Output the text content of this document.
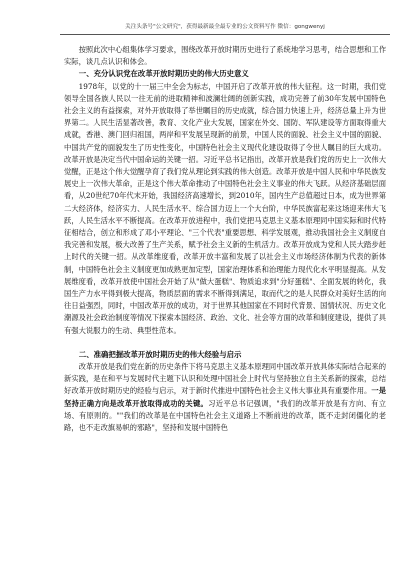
关注头条号"公文研究"，获得最新最全最专业的公文资料写作 微信：gongwenyj

按照此次中心组集体学习要求，围绕改革开放时期历史进行了系统地学习思考，结合思想和工作实际，谈几点认识和体会。

一、充分认识党在改革开放时期历史的伟大历史意义

1978年，以党的十一届三中全会为标志，中国开启了改革开放的伟大征程。这一时期，我们党领导全国各族人民以一往无前的进取精神和波澜壮阔的创新实践，成功完善了前30年发展中国特色社会主义的有益探索，对外开放取得了举世瞩目的历史成就，综合国力快速上升，经济总量上升为世界第二。人民生活显著改善，教育、文化产业大发展，国家在外交、国防、军队建设等方面取得重大成就，香港、澳门回归祖国，两岸和平发展呈现新的前景，中国人民的面貌、社会主义中国的面貌、中国共产党的面貌发生了历史性变化，中国特色社会主义现代化建设取得了令世人瞩目的巨大成功。改革开放是决定当代中国命运的关键一招。习近平总书记指出，改革开放是我们党的历史上一次伟大觉醒，正是这个伟大觉醒孕育了我们党从理论到实践的伟大创造。改革开放是中国人民和中华民族发展史上一次伟大革命，正是这个伟大革命推动了中国特色社会主义事业的伟大飞跃。从经济基础层面看，从20世纪70年代末开始，我国经济高速增长，到2010年，国内生产总值超过日本，成为世界第二大经济体，经济实力、人民生活水平、综合国力迈上一个大台阶，中华民族富起来这场迎来伟大飞跃，人民生活水平不断提高。在改革开放进程中，我们党把马克思主义基本原理同中国实际和时代特征相结合，创立和形成了邓小平理论、"三个代表"重要思想、科学发展观，推动我国社会主义制度自我完善和发展，极大改善了生产关系，赋予社会主义新的生机活力。改革开放成为党和人民大踏步赶上时代的关键一招。从改革维度看，改革开放丰富和发展了以社会主义市场经济体制为代表的新体制，中国特色社会主义制度更加成熟更加定型，国家治理体系和治理能力现代化水平明显提高。从发展维度看，改革开放使中国社会开始了从"做大蛋糕"、物质追求到"分好蛋糕"、全面发展的转化，我国生产力水平得到极大提高，物质层面的需求不断得到满足，取而代之的是人民群众对美好生活的向往日益强烈，同时，中国改革开放的成功，对于世界其他国家在不同时代背景、国情状况、历史文化潮源及社会政治制度等情况下探索本国经济、政治、文化、社会等方面的改革和制度建设，提供了具有强大说服力的生动、典型性范本。

二、准确把握改革开放时期历史的伟大经验与启示

改革开放是我们党在新的历史条件下将马克思主义基本原理同中国改革开放具体实际结合起来的新实践，是在和平与发展时代主题下认识和处理中国社会上时代与坚持独立自主关系新的探索，总结好改革开放时期历史的经验与启示，对于新时代推进中国特色社会主义伟大事业具有重要作用。一是坚持正确方向是改革开放取得成功的关键。习近平总书记强调，"我们的改革开放是有方向、有立场、有原则的。""我们的改革是在中国特色社会主义道路上不断前进的改革，既不走封闭僵化的老路，也不走改旗易帜的邪路"，坚持和发展中国特色
